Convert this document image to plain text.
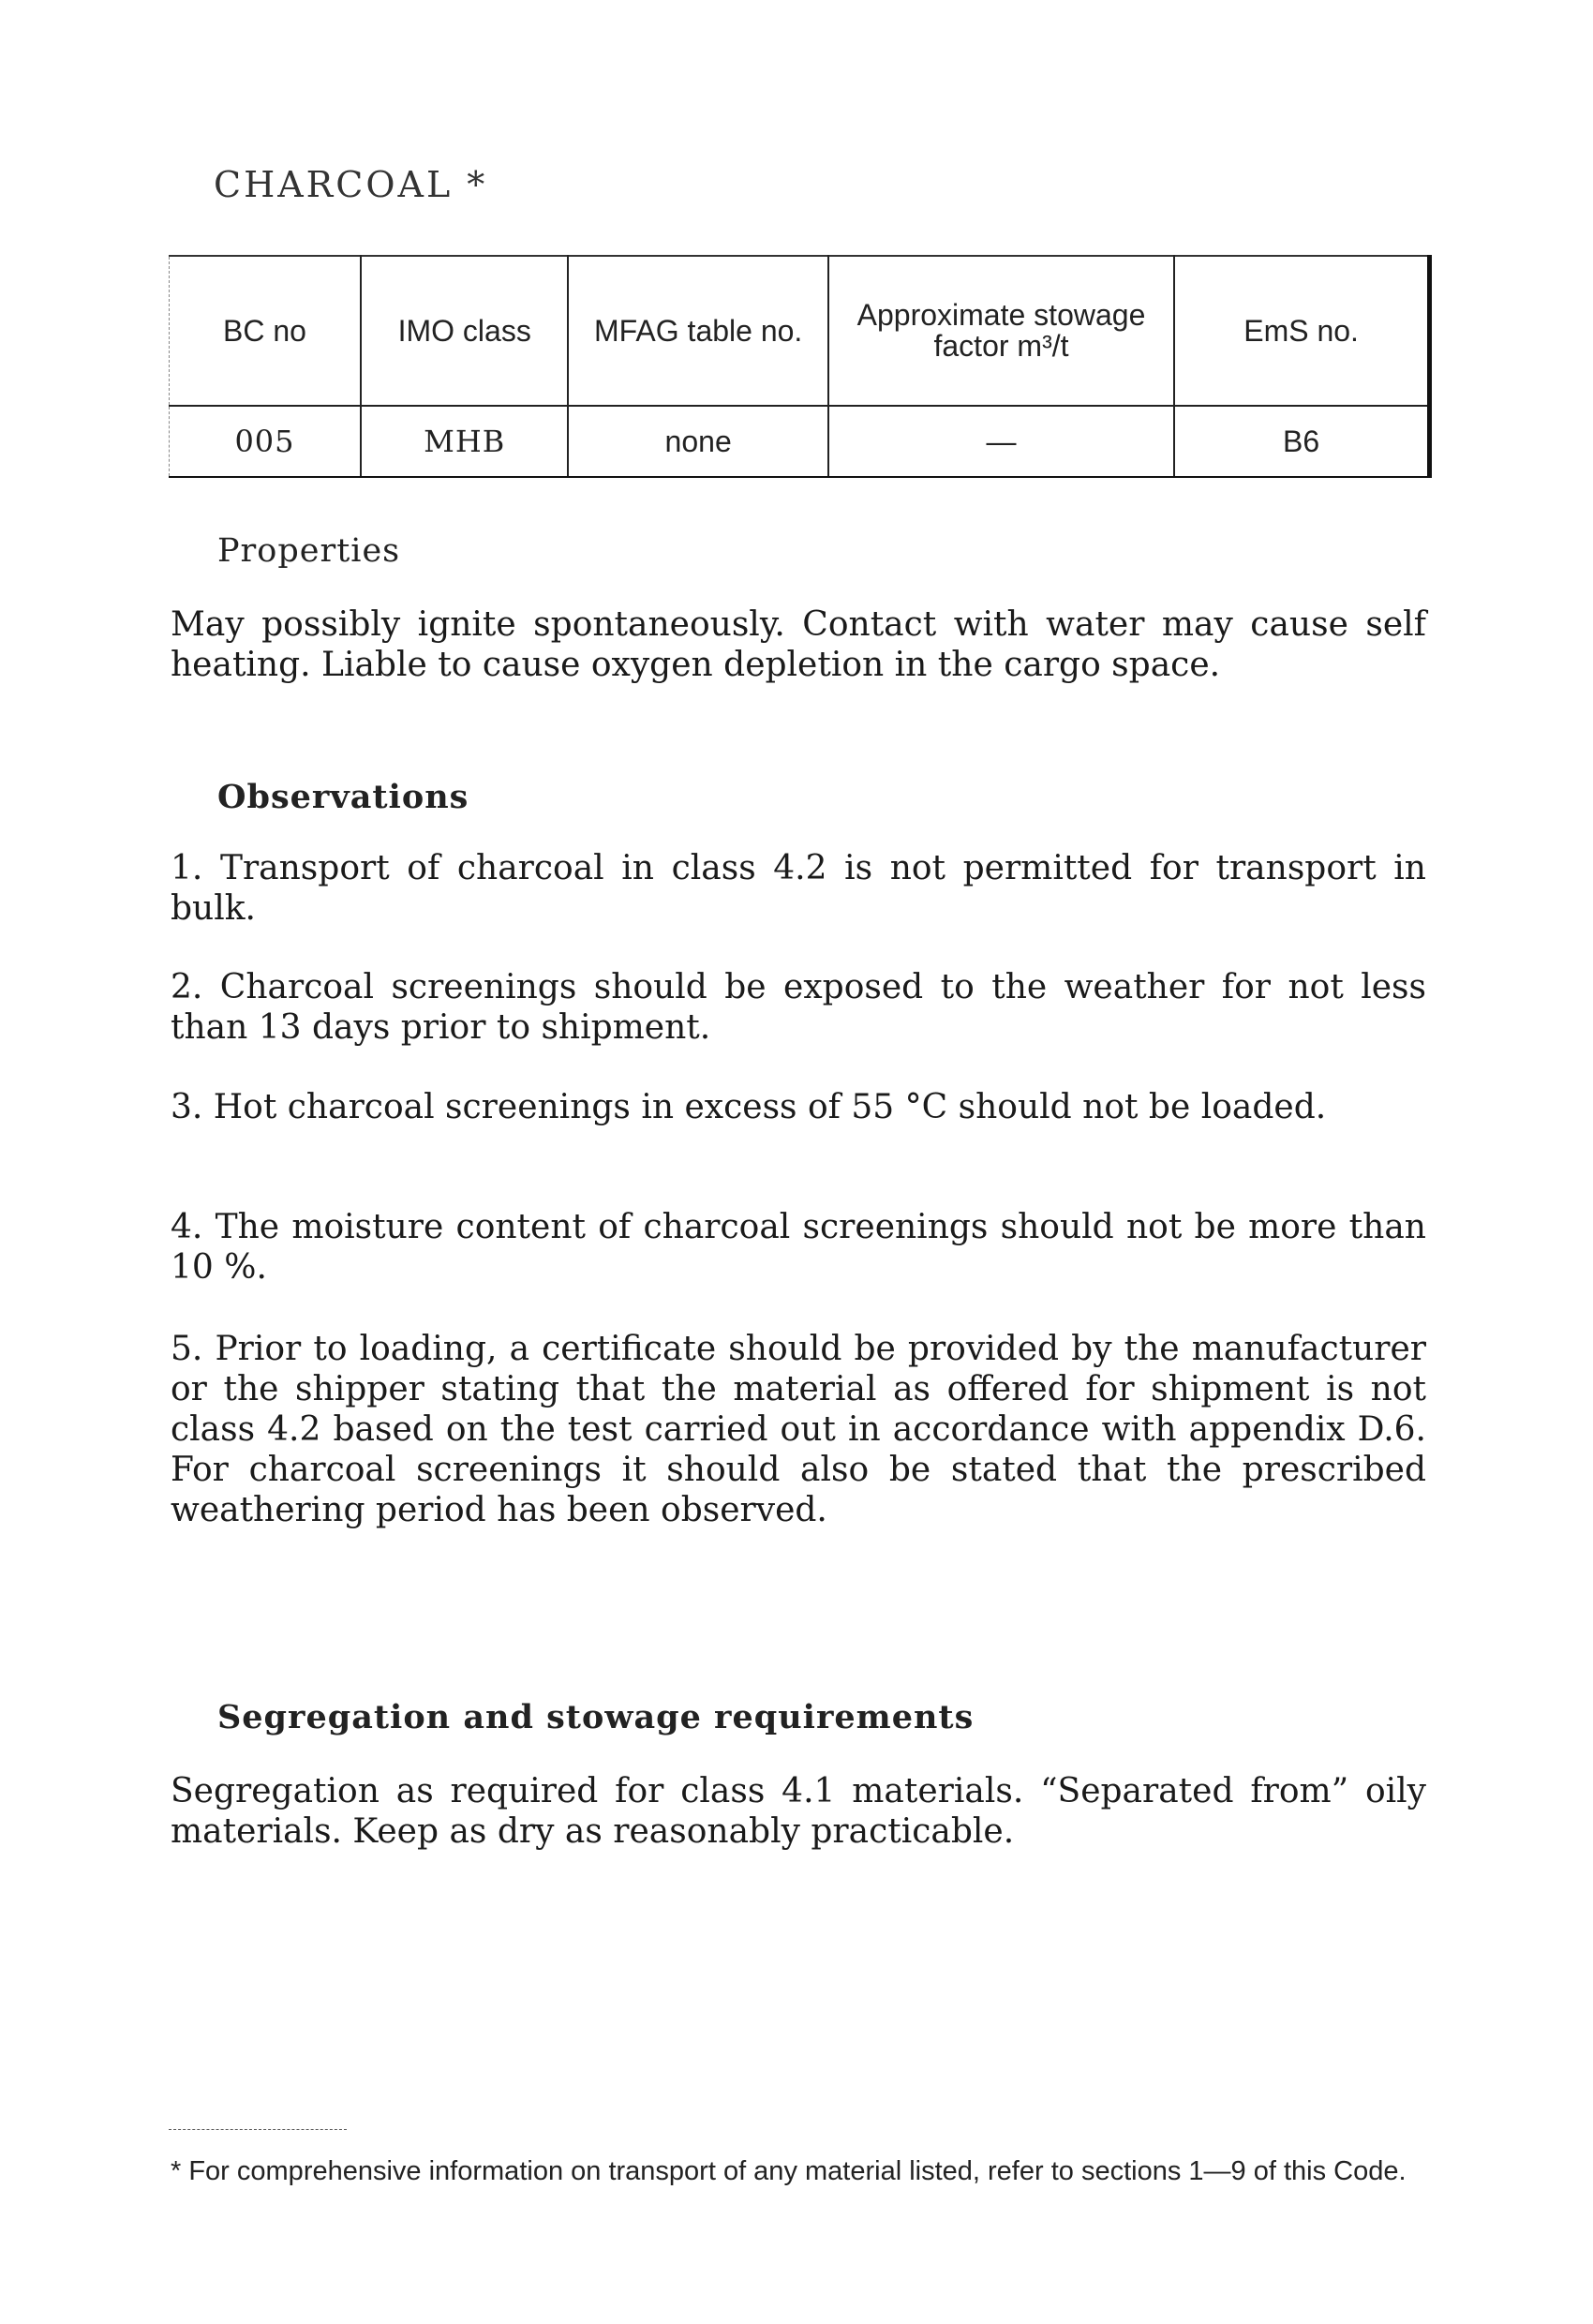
CHARCOAL *
BC no	IMO class	MFAG table no.	Approximate stowage factor m³/t	EmS no.
005	MHB	none	—	B6
Properties
May possibly ignite spontaneously. Contact with water may cause self heating. Liable to cause oxygen depletion in the cargo space.
Observations
1. Transport of charcoal in class 4.2 is not permitted for transport in bulk.
2. Charcoal screenings should be exposed to the weather for not less than 13 days prior to shipment.
3. Hot charcoal screenings in excess of 55 °C should not be loaded.
4. The moisture content of charcoal screenings should not be more than 10 %.
5. Prior to loading, a certificate should be provided by the manufacturer or the shipper stating that the material as offered for shipment is not class 4.2 based on the test carried out in accordance with appendix D.6. For charcoal screenings it should also be stated that the prescribed weathering period has been observed.
Segregation and stowage requirements
Segregation as required for class 4.1 materials. “Separated from” oily materials. Keep as dry as reasonably practicable.
* For comprehensive information on transport of any material listed, refer to sections 1—9 of this Code.
